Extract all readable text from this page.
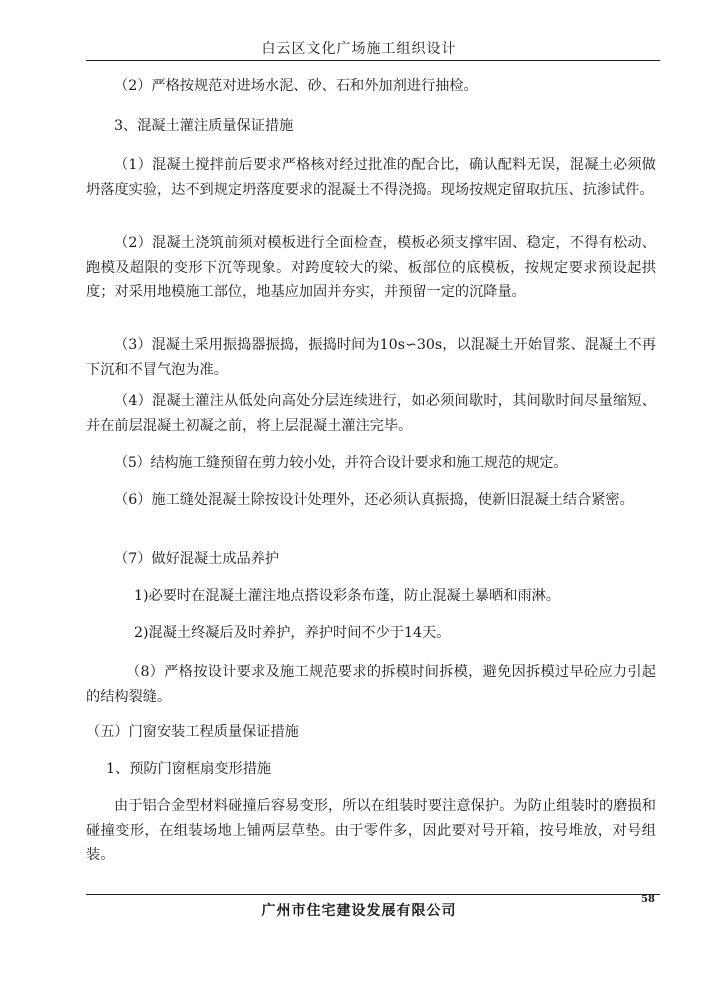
白云区文化广场施工组织设计
（2）严格按规范对进场水泥、砂、石和外加剂进行抽检。
3、混凝土灌注质量保证措施
（1）混凝土搅拌前后要求严格核对经过批准的配合比，确认配料无误，混凝土必须做坍落度实验，达不到规定坍落度要求的混凝土不得浇捣。现场按规定留取抗压、抗渗试件。
（2）混凝土浇筑前须对模板进行全面检查，模板必须支撑牢固、稳定，不得有松动、跑模及超限的变形下沉等现象。对跨度较大的梁、板部位的底模板，按规定要求预设起拱度；对采用地模施工部位，地基应加固并夯实，并预留一定的沉降量。
（3）混凝土采用振捣器振捣，振捣时间为10s∽30s，以混凝土开始冒浆、混凝土不再下沉和不冒气泡为准。
（4）混凝土灌注从低处向高处分层连续进行，如必须间歇时，其间歇时间尽量缩短、并在前层混凝土初凝之前，将上层混凝土灌注完毕。
（5）结构施工缝预留在剪力较小处，并符合设计要求和施工规范的规定。
（6）施工缝处混凝土除按设计处理外，还必须认真振捣，使新旧混凝土结合紧密。
（7）做好混凝土成品养护
1)必要时在混凝土灌注地点搭设彩条布蓬，防止混凝土暴晒和雨淋。
2)混凝土终凝后及时养护，养护时间不少于14天。
（8）严格按设计要求及施工规范要求的拆模时间拆模，避免因拆模过早砼应力引起的结构裂缝。
（五）门窗安装工程质量保证措施
1、预防门窗框扇变形措施
由于铝合金型材料碰撞后容易变形，所以在组装时要注意保护。为防止组装时的磨损和碰撞变形，在组装场地上铺两层草垫。由于零件多，因此要对号开箱，按号堆放，对号组装。
广州市住宅建设发展有限公司
58
